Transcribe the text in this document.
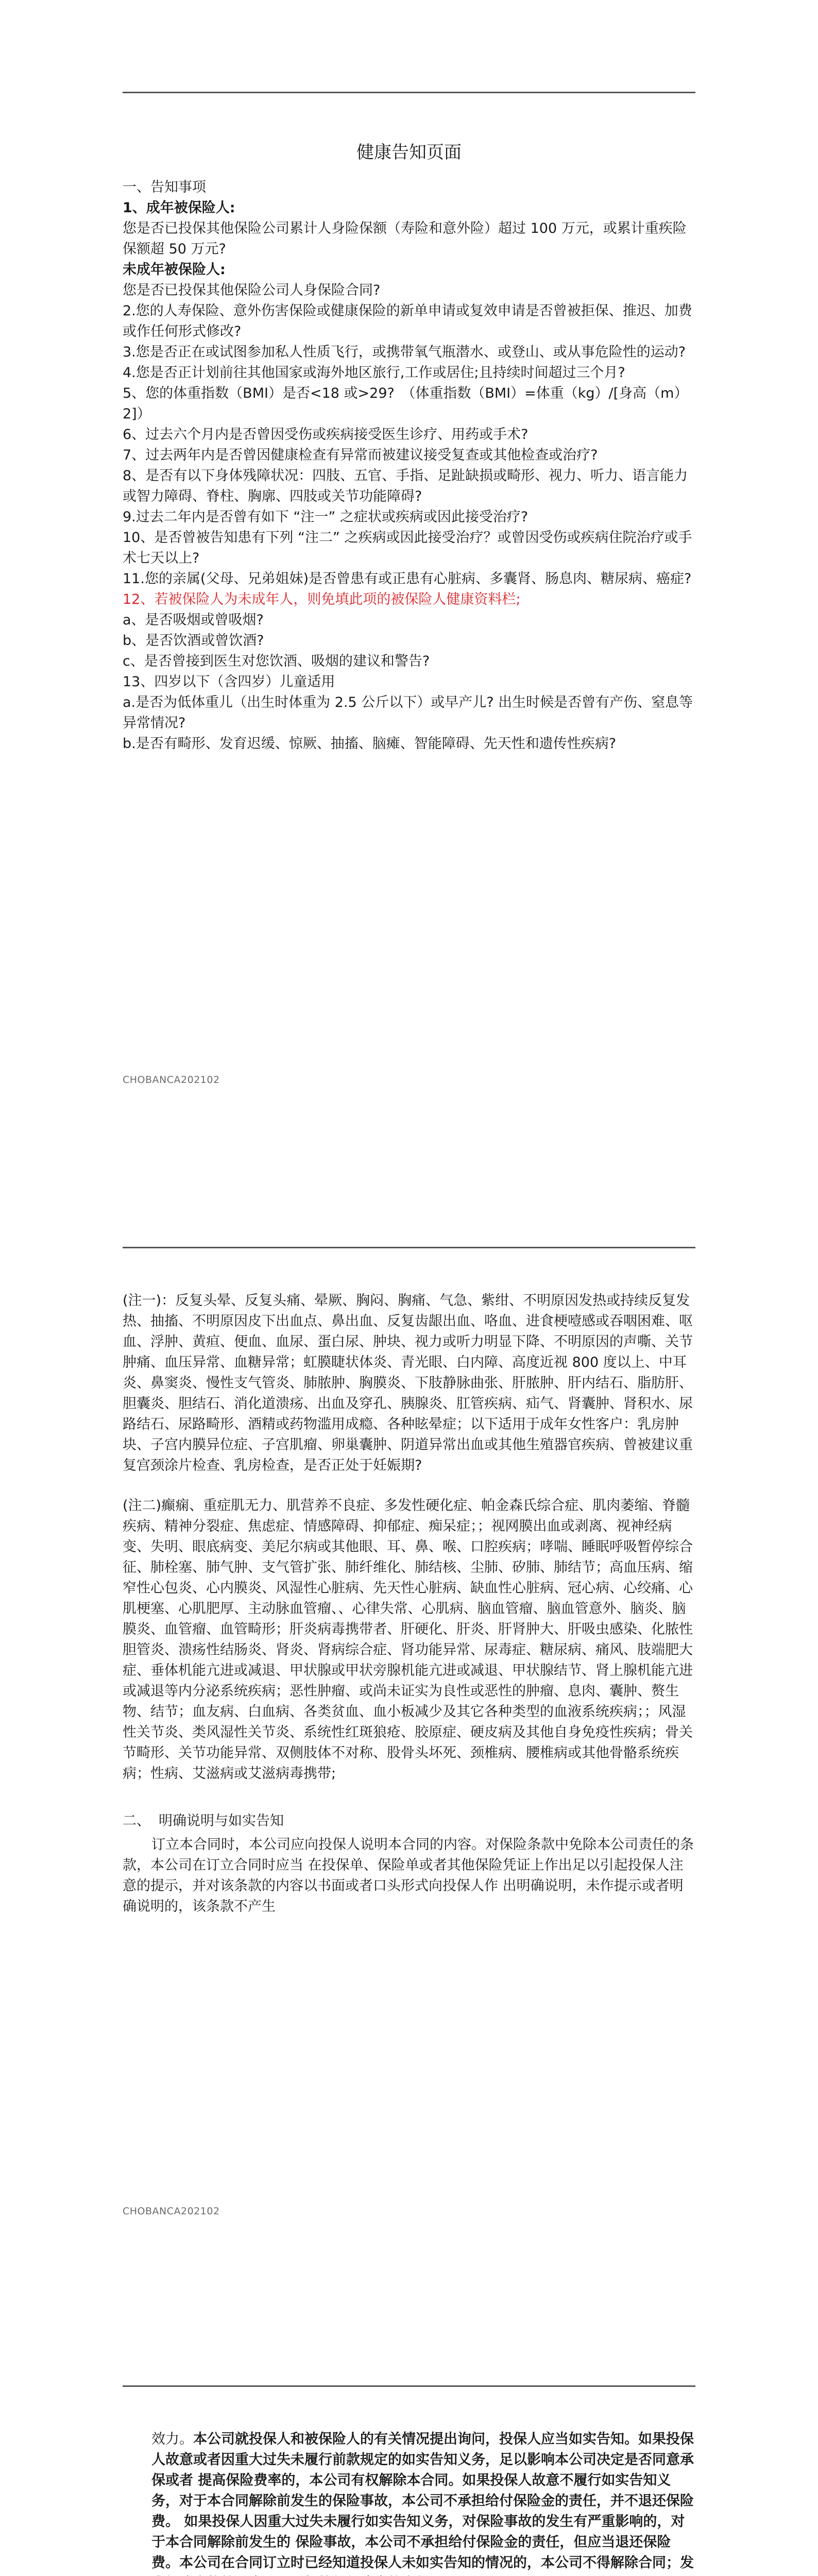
健康告知页面

一、告知事项

1、成年被保险人:

您是否已投保其他保险公司累计人身险保额（寿险和意外险）超过 100 万元，或累计重疾险保额超 50 万元?

未成年被保险人:

您是否已投保其他保险公司人身保险合同?

2.您的人寿保险、意外伤害保险或健康保险的新单申请或复效申请是否曾被拒保、推迟、加费或作任何形式修改?

3.您是否正在或试图参加私人性质飞行，或携带氧气瓶潜水、或登山、或从事危险性的运动?

4.您是否正计划前往其他国家或海外地区旅行,工作或居住;且持续时间超过三个月?

5、您的体重指数（BMI）是否<18 或>29?　（体重指数（BMI）=体重（kg）/[身高（m）2]）

6、过去六个月内是否曾因受伤或疾病接受医生诊疗、用药或手术?

7、过去两年内是否曾因健康检查有异常而被建议接受复查或其他检查或治疗?

8、是否有以下身体残障状况：四肢、五官、手指、足趾缺损或畸形、视力、听力、语言能力或智力障碍、脊柱、胸廓、四肢或关节功能障碍?

9.过去二年内是否曾有如下 “注一” 之症状或疾病或因此接受治疗?

10、是否曾被告知患有下列 “注二” 之疾病或因此接受治疗？或曾因受伤或疾病住院治疗或手术七天以上?

11.您的亲属(父母、兄弟姐妹)是否曾患有或正患有心脏病、多囊肾、肠息肉、糖尿病、癌症?

12、若被保险人为未成年人，则免填此项的被保险人健康资料栏;

a、是否吸烟或曾吸烟?

b、是否饮酒或曾饮酒?

c、是否曾接到医生对您饮酒、吸烟的建议和警告?

13、四岁以下（含四岁）儿童适用

a.是否为低体重儿（出生时体重为 2.5 公斤以下）或早产儿? 出生时候是否曾有产伤、窒息等异常情况?

b.是否有畸形、发育迟缓、惊厥、抽搐、脑瘫、智能障碍、先天性和遗传性疾病?

CHOBANCA202102

(注一)：反复头晕、反复头痛、晕厥、胸闷、胸痛、气急、紫绀、不明原因发热或持续反复发热、抽搐、不明原因皮下出血点、鼻出血、反复齿龈出血、咯血、进食梗噎感或吞咽困难、呕血、浮肿、黄疸、便血、血尿、蛋白尿、肿块、视力或听力明显下降、不明原因的声嘶、关节肿痛、血压异常、血糖异常；虹膜睫状体炎、青光眼、白内障、高度近视 800 度以上、中耳炎、鼻窦炎、慢性支气管炎、肺脓肿、胸膜炎、下肢静脉曲张、肝脓肿、肝内结石、脂肪肝、胆囊炎、胆结石、消化道溃疡、出血及穿孔、胰腺炎、肛管疾病、疝气、肾囊肿、肾积水、尿路结石、尿路畸形、酒精或药物滥用成瘾、各种眩晕症；以下适用于成年女性客户：乳房肿块、子宫内膜异位症、子宫肌瘤、卵巢囊肿、阴道异常出血或其他生殖器官疾病、曾被建议重复宫颈涂片检查、乳房检查，是否正处于妊娠期?

(注二)癫痫、重症肌无力、肌营养不良症、多发性硬化症、帕金森氏综合症、肌肉萎缩、脊髓疾病、精神分裂症、焦虑症、情感障碍、抑郁症、痴呆症；；视网膜出血或剥离、视神经病变、失明、眼底病变、美尼尔病或其他眼、耳、鼻、喉、口腔疾病；哮喘、睡眠呼吸暂停综合征、肺栓塞、肺气肿、支气管扩张、肺纤维化、肺结核、尘肺、矽肺、肺结节；高血压病、缩窄性心包炎、心内膜炎、风湿性心脏病、先天性心脏病、缺血性心脏病、冠心病、心绞痛、心肌梗塞、心肌肥厚、主动脉血管瘤、、心律失常、心肌病、脑血管瘤、脑血管意外、脑炎、脑膜炎、血管瘤、血管畸形；肝炎病毒携带者、肝硬化、肝炎、肝肾肿大、肝吸虫感染、化脓性胆管炎、溃疡性结肠炎、肾炎、肾病综合症、肾功能异常、尿毒症、糖尿病、痛风、肢端肥大症、垂体机能亢进或减退、甲状腺或甲状旁腺机能亢进或减退、甲状腺结节、肾上腺机能亢进或减退等内分泌系统疾病；恶性肿瘤、或尚未证实为良性或恶性的肿瘤、息肉、囊肿、赘生物、结节；血友病、白血病、各类贫血、血小板减少及其它各种类型的血液系统疾病；；风湿性关节炎、类风湿性关节炎、系统性红斑狼疮、胶原症、硬皮病及其他自身免疫性疾病；骨关节畸形、关节功能异常、双侧肢体不对称、股骨头坏死、颈椎病、腰椎病或其他骨骼系统疾病；性病、艾滋病或艾滋病毒携带;

二、 明确说明与如实告知

订立本合同时，本公司应向投保人说明本合同的内容。对保险条款中免除本公司责任的条款，本公司在订立合同时应当 在投保单、保险单或者其他保险凭证上作出足以引起投保人注意的提示，并对该条款的内容以书面或者口头形式向投保人作 出明确说明，未作提示或者明确说明的，该条款不产生

CHOBANCA202102

效力。本公司就投保人和被保险人的有关情况提出询问，投保人应当如实告知。如果投保人故意或者因重大过失未履行前款规定的如实告知义务，足以影响本公司决定是否同意承保或者 提高保险费率的，本公司有权解除本合同。如果投保人故意不履行如实告知义务，对于本合同解除前发生的保险事故，本公司不承担给付保险金的责任，并不退还保险费。 如果投保人因重大过失未履行如实告知义务，对保险事故的发生有严重影响的，对于本合同解除前发生的 保险事故，本公司不承担给付保险金的责任，但应当退还保险费。本公司在合同订立时已经知道投保人未如实告知的情况的，本公司不得解除合同；发
